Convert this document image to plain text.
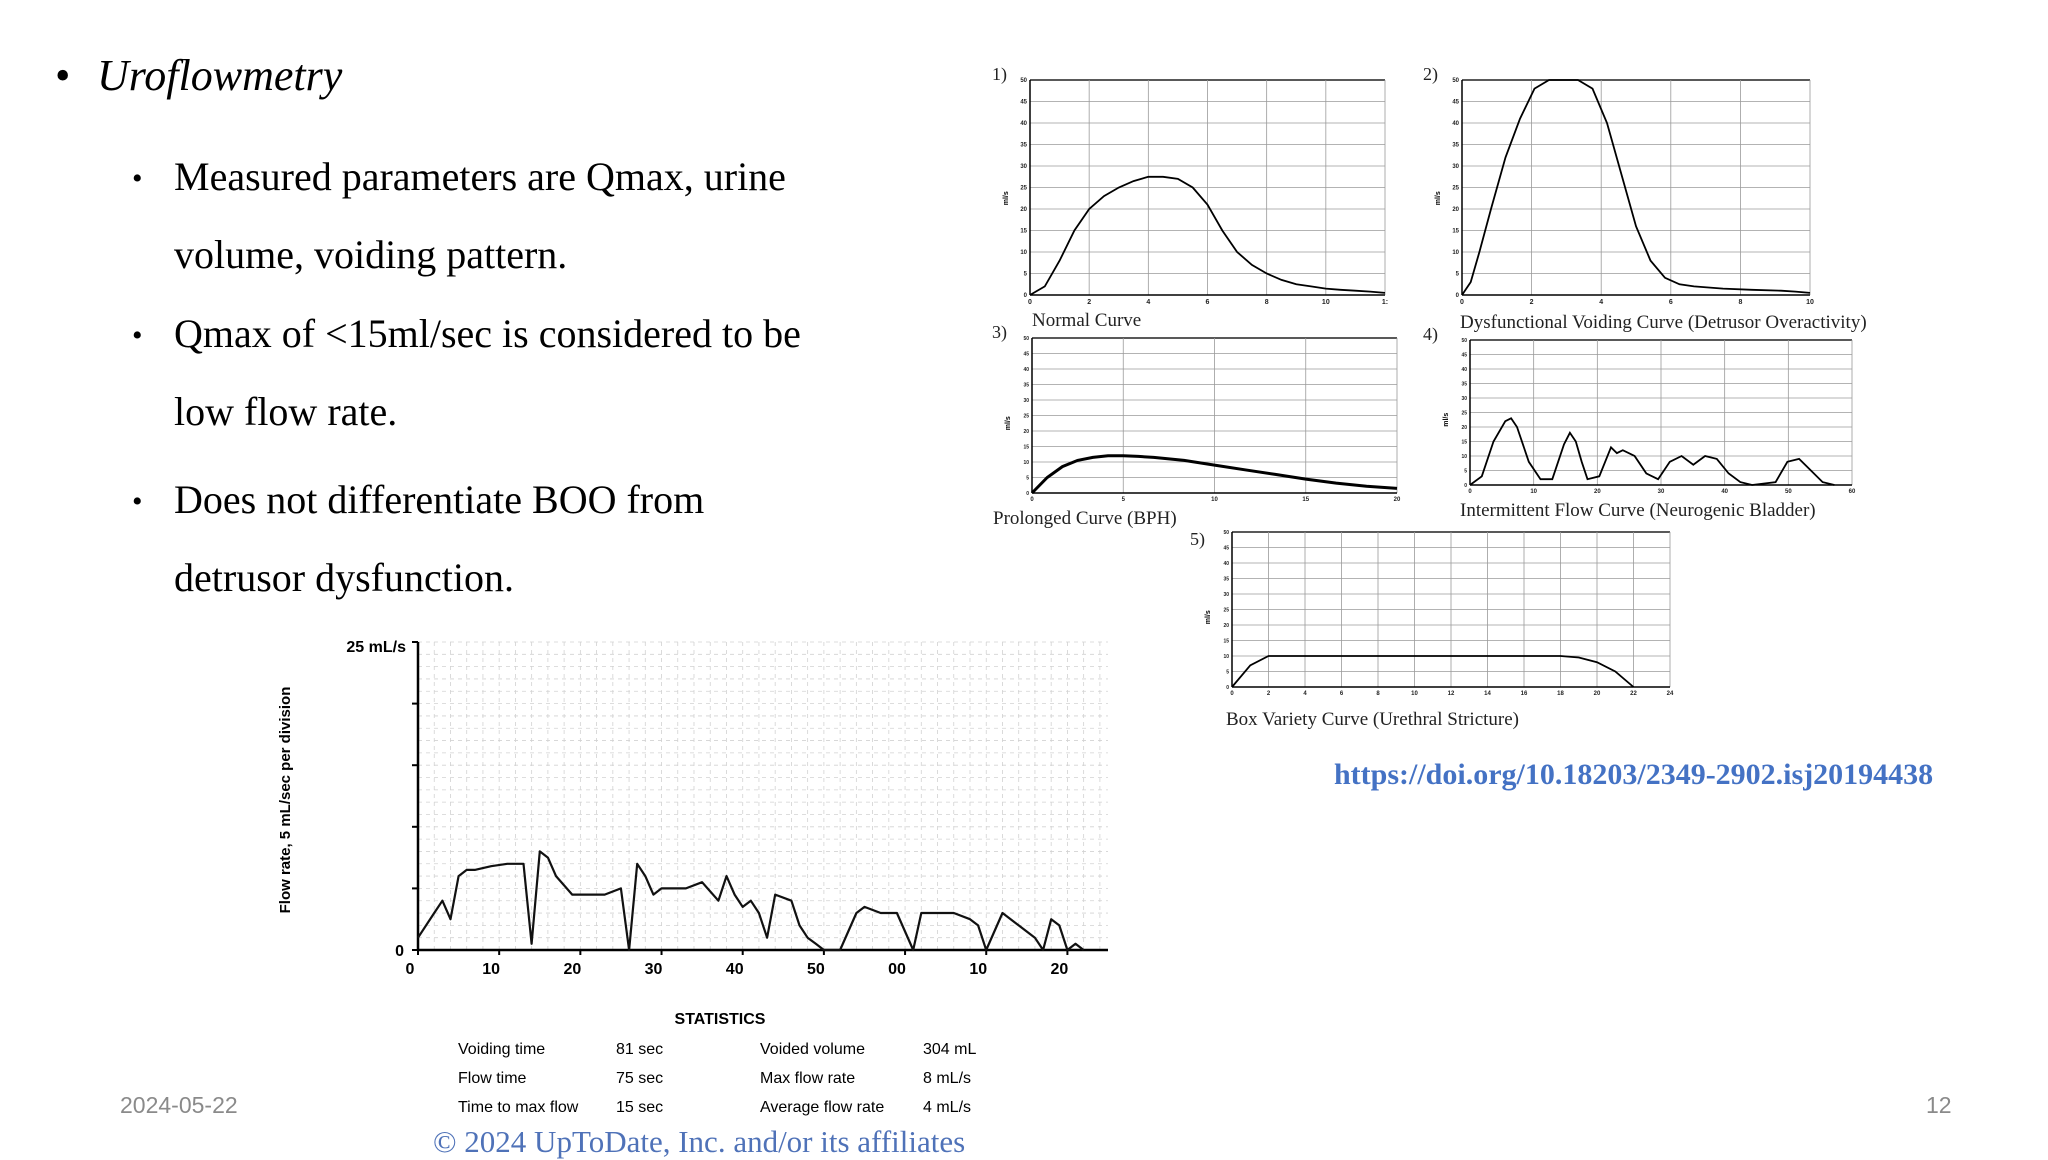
• Uroflowmetry
• Measured parameters are Qmax, urine
volume, voiding pattern.
• Qmax of <15ml/sec is considered to be
low flow rate.
• Does not differentiate BOO from
detrusor dysfunction.
0
5
10
15
20
25
30
35
40
45
50
0	2	4	6	8	10	1:
ml/s
1)
Normal Curve
0
5
10
15
20
25
30
35
40
45
50
0	2	4	6	8	10
ml/s
2)
Dysfunctional Voiding Curve (Detrusor Overactivity)
0
5
10
15
20
25
30
35
40
45
50
0	5	10	15	20
ml/s
3)
Prolonged Curve (BPH)
0
5
10
15
20
25
30
35
40
45
50
0	10	20	30	40	50	60
ml/s
4)
Intermittent Flow Curve (Neurogenic Bladder)
0
5
10
15
20
25
30
35
40
45
50
0	2	4	6	8	10	12	14	16	18	20	22	24
ml/s
5)
Box Variety Curve (Urethral Stricture)
0	10	20	30	40	50	00	10	20
25 mL/s
0
Flow rate, 5 mL/sec per division
STATISTICS
Voiding time	81 sec	Voided volume	304 mL
Flow time	75 sec	Max flow rate	8 mL/s
Time to max flow 15 sec	Average flow rate 4 mL/s
https://doi.org/10.18203/2349-2902.isj20194438
© 2024 UpToDate, Inc. and/or its affiliates
2024-05-22	12
